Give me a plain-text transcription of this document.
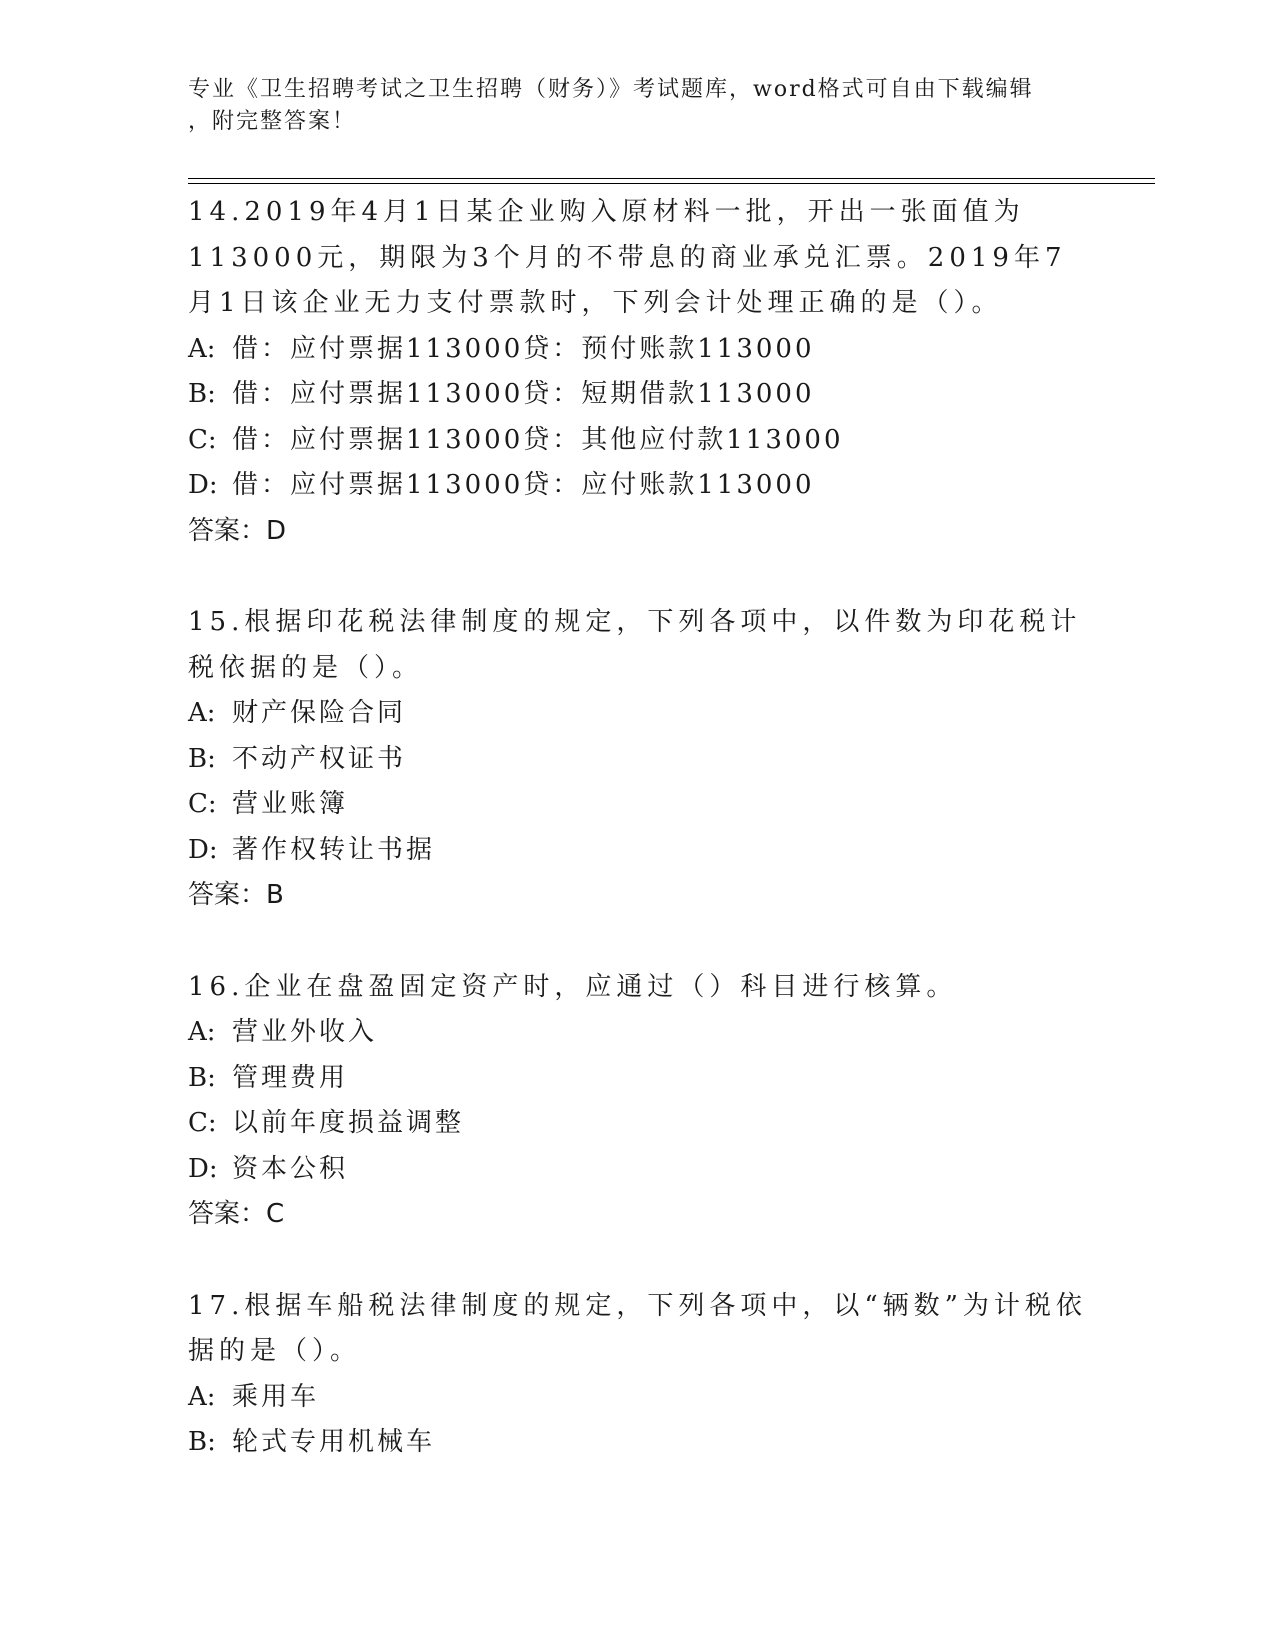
专业《卫生招聘考试之卫生招聘（财务）》考试题库，word格式可自由下载编辑
，附完整答案！

14.2019年4月1日某企业购入原材料一批，开出一张面值为113000元，期限为3个月的不带息的商业承兑汇票。2019年7月1日该企业无力支付票款时，下列会计处理正确的是（）。

A: 借：应付票据113000贷：预付账款113000

B: 借：应付票据113000贷：短期借款113000

C: 借：应付票据113000贷：其他应付款113000

D: 借：应付票据113000贷：应付账款113000

答案：D

15.根据印花税法律制度的规定，下列各项中，以件数为印花税计税依据的是（）。

A: 财产保险合同

B: 不动产权证书

C: 营业账簿

D: 著作权转让书据

答案：B

16.企业在盘盈固定资产时，应通过（）科目进行核算。

A: 营业外收入

B: 管理费用

C: 以前年度损益调整

D: 资本公积

答案：C

17.根据车船税法律制度的规定，下列各项中，以“辆数”为计税依据的是（）。

A: 乘用车

B: 轮式专用机械车
